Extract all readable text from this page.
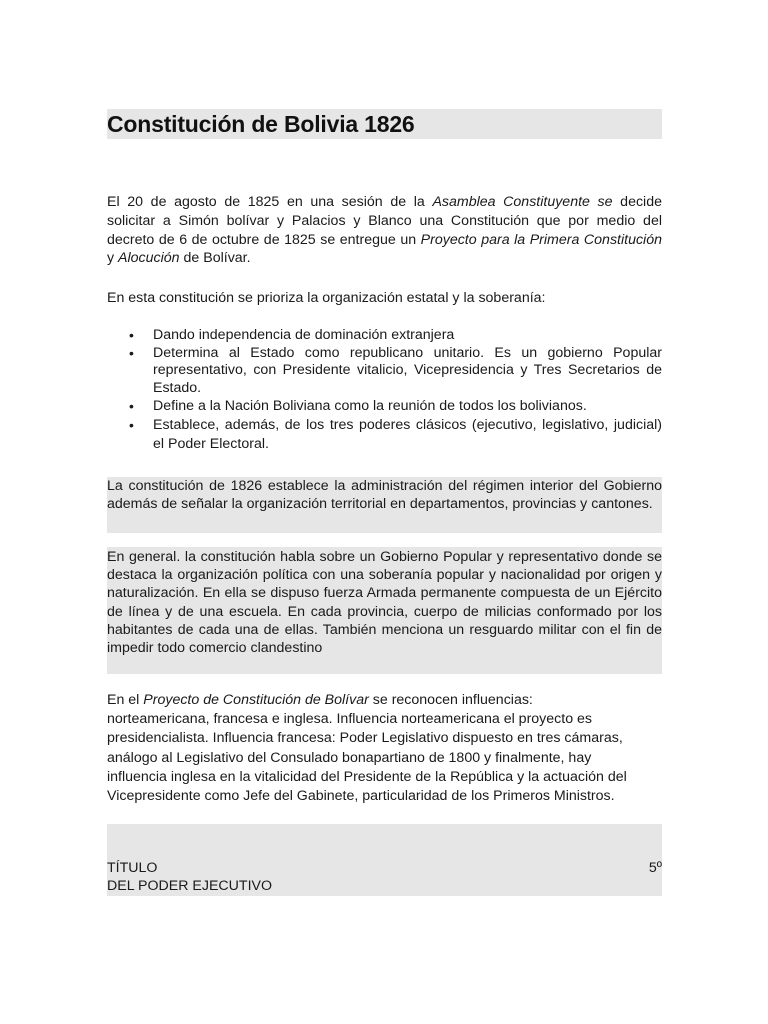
Constitución de Bolivia 1826

El 20 de agosto de 1825 en una sesión de la Asamblea Constituyente se decide solicitar a Simón bolívar y Palacios y Blanco una Constitución que por medio del decreto de 6 de octubre de 1825 se entregue un Proyecto para la Primera Constitución y Alocución de Bolívar.

En esta constitución se prioriza la organización estatal y la soberanía:

• Dando independencia de dominación extranjera
• Determina al Estado como republicano unitario. Es un gobierno Popular representativo, con Presidente vitalicio, Vicepresidencia y Tres Secretarios de Estado.
• Define a la Nación Boliviana como la reunión de todos los bolivianos.
• Establece, además, de los tres poderes clásicos (ejecutivo, legislativo, judicial) el Poder Electoral.

La constitución de 1826 establece la administración del régimen interior del Gobierno además de señalar la organización territorial en departamentos, provincias y cantones.

En general. la constitución habla sobre un Gobierno Popular y representativo donde se destaca la organización política con una soberanía popular y nacionalidad por origen y naturalización. En ella se dispuso fuerza Armada permanente compuesta de un Ejército de línea y de una escuela. En cada provincia, cuerpo de milicias conformado por los habitantes de cada una de ellas. También menciona un resguardo militar con el fin de impedir todo comercio clandestino

En el Proyecto de Constitución de Bolívar se reconocen influencias:
norteamericana, francesa e inglesa. Influencia norteamericana el proyecto es
presidencialista. Influencia francesa: Poder Legislativo dispuesto en tres cámaras,
análogo al Legislativo del Consulado bonapartiano de 1800 y finalmente, hay
influencia inglesa en la vitalicidad del Presidente de la República y la actuación del
Vicepresidente como Jefe del Gabinete, particularidad de los Primeros Ministros.

TÍTULO	5º
DEL PODER EJECUTIVO
